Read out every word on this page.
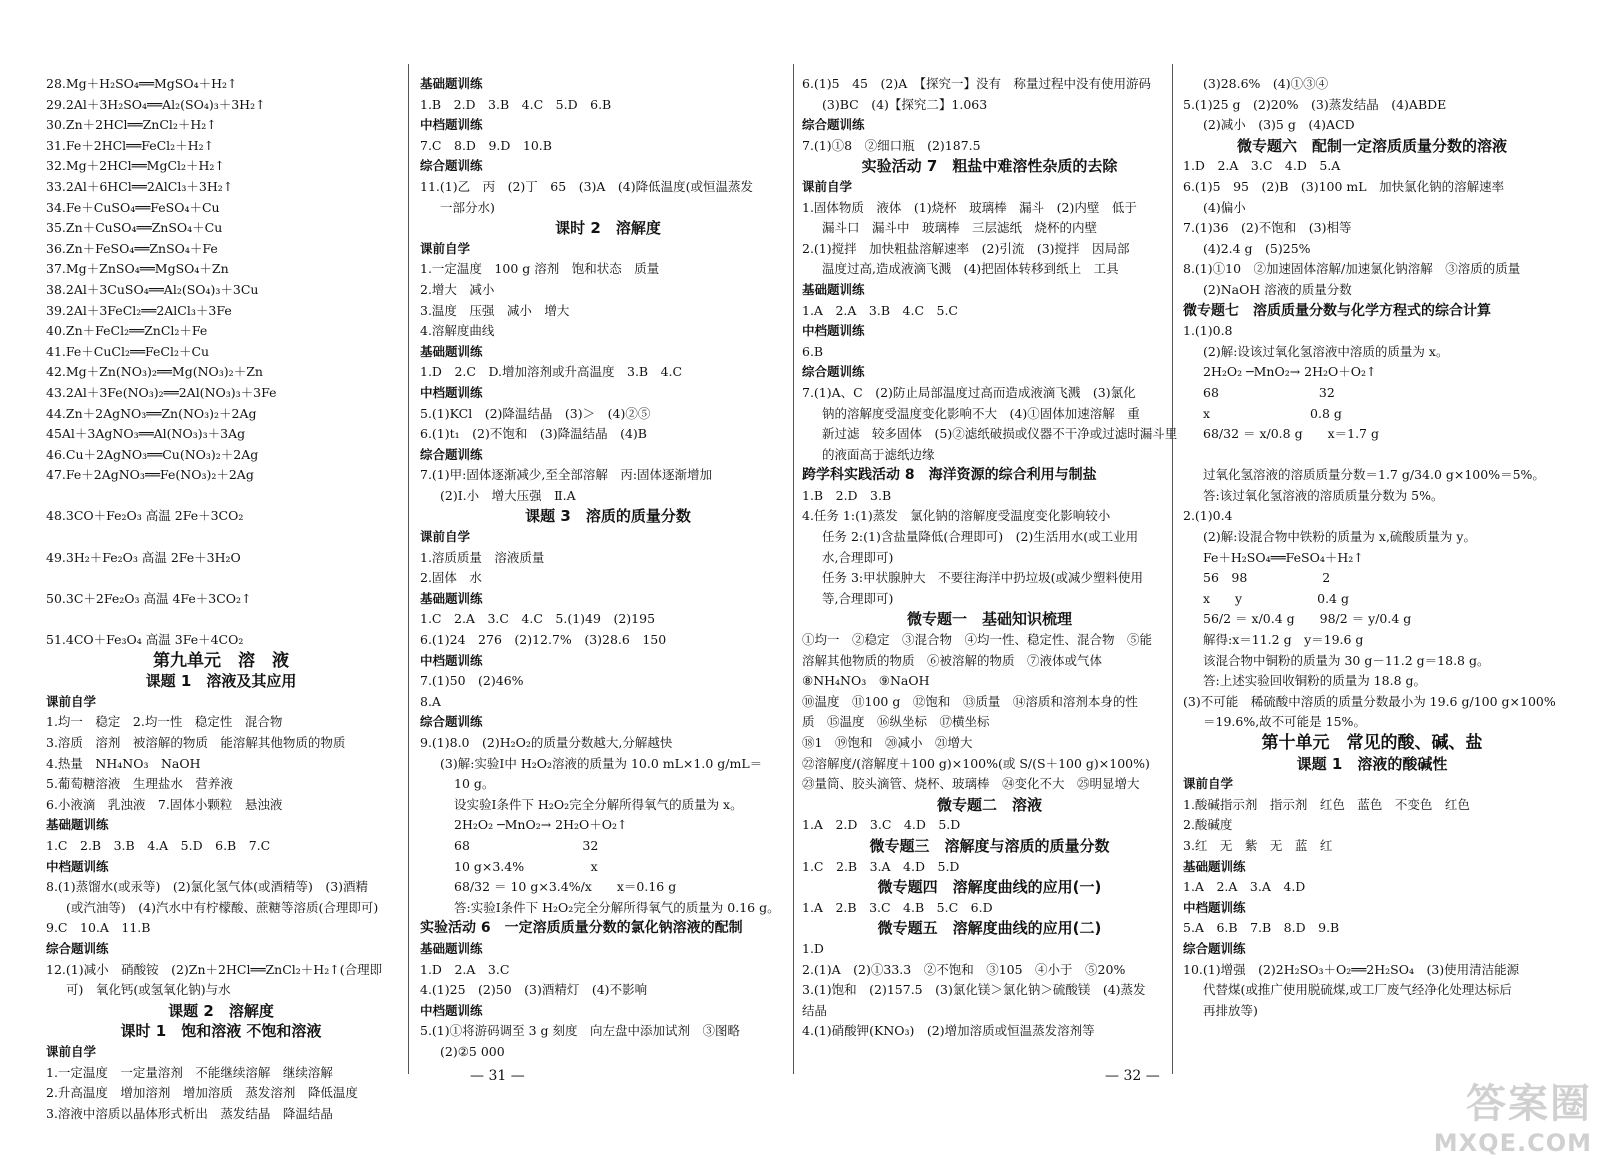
28.Mg＋H₂SO₄══MgSO₄＋H₂↑
29.2Al＋3H₂SO₄══Al₂(SO₄)₃＋3H₂↑
30.Zn＋2HCl══ZnCl₂＋H₂↑
31.Fe＋2HCl══FeCl₂＋H₂↑
32.Mg＋2HCl══MgCl₂＋H₂↑
33.2Al＋6HCl══2AlCl₃＋3H₂↑
34.Fe＋CuSO₄══FeSO₄＋Cu
35.Zn＋CuSO₄══ZnSO₄＋Cu
36.Zn＋FeSO₄══ZnSO₄＋Fe
37.Mg＋ZnSO₄══MgSO₄＋Zn
38.2Al＋3CuSO₄══Al₂(SO₄)₃＋3Cu
39.2Al＋3FeCl₂══2AlCl₃＋3Fe
40.Zn＋FeCl₂══ZnCl₂＋Fe
41.Fe＋CuCl₂══FeCl₂＋Cu
42.Mg＋Zn(NO₃)₂══Mg(NO₃)₂＋Zn
43.2Al＋3Fe(NO₃)₂══2Al(NO₃)₃＋3Fe
44.Zn＋2AgNO₃══Zn(NO₃)₂＋2Ag
45Al＋3AgNO₃══Al(NO₃)₃＋3Ag
46.Cu＋2AgNO₃══Cu(NO₃)₂＋2Ag
47.Fe＋2AgNO₃══Fe(NO₃)₂＋2Ag
48.3CO＋Fe₂O₃ 高温 2Fe＋3CO₂
49.3H₂＋Fe₂O₃ 高温 2Fe＋3H₂O
50.3C＋2Fe₂O₃ 高温 4Fe＋3CO₂↑
51.4CO＋Fe₃O₄ 高温 3Fe＋4CO₂
第九单元　溶　液
课题 1　溶液及其应用
课前自学
1.均一　稳定　2.均一性　稳定性　混合物
3.溶质　溶剂　被溶解的物质　能溶解其他物质的物质
4.热量　NH₄NO₃　NaOH
5.葡萄糖溶液　生理盐水　营养液
6.小液滴　乳浊液　7.固体小颗粒　悬浊液
基础题训练
1.C　2.B　3.B　4.A　5.D　6.B　7.C
中档题训练
8.(1)蒸馏水(或汞等)　(2)氯化氢气体(或酒精等)　(3)酒精
(或汽油等)　(4)汽水中有柠檬酸、蔗糖等溶质(合理即可)
9.C　10.A　11.B
综合题训练
12.(1)减小　硝酸铵　(2)Zn＋2HCl══ZnCl₂＋H₂↑(合理即
可)　氧化钙(或氢氧化钠)与水
课题 2　溶解度
课时 1　饱和溶液 不饱和溶液
课前自学
1.一定温度　一定量溶剂　不能继续溶解　继续溶解
2.升高温度　增加溶剂　增加溶质　蒸发溶剂　降低温度
3.溶液中溶质以晶体形式析出　蒸发结晶　降温结晶
基础题训练
1.B　2.D　3.B　4.C　5.D　6.B
中档题训练
7.C　8.D　9.D　10.B
综合题训练
11.(1)乙　丙　(2)丁　65　(3)A　(4)降低温度(或恒温蒸发
一部分水)
课时 2　溶解度
课前自学
1.一定温度　100 g 溶剂　饱和状态　质量
2.增大　减小
3.温度　压强　减小　增大
4.溶解度曲线
基础题训练
1.D　2.C　D.增加溶剂或升高温度　3.B　4.C
中档题训练
5.(1)KCl　(2)降温结晶　(3)＞　(4)②⑤
6.(1)t₁　(2)不饱和　(3)降温结晶　(4)B
综合题训练
7.(1)甲:固体逐渐减少,至全部溶解　丙:固体逐渐增加
(2)Ⅰ.小　增大压强　Ⅱ.A
课题 3　溶质的质量分数
课前自学
1.溶质质量　溶液质量
2.固体　水
基础题训练
1.C　2.A　3.C　4.C　5.(1)49　(2)195
6.(1)24　276　(2)12.7%　(3)28.6　150
中档题训练
7.(1)50　(2)46%
8.A
综合题训练
9.(1)8.0　(2)H₂O₂的质量分数越大,分解越快
(3)解:实验Ⅰ中 H₂O₂溶液的质量为 10.0 mL×1.0 g/mL＝
10 g。
设实验Ⅰ条件下 H₂O₂完全分解所得氧气的质量为 x。
2H₂O₂ ─MnO₂→ 2H₂O＋O₂↑
68　　　　　　　　　32
10 g×3.4%　　　　　 x
68/32 ＝ 10 g×3.4%/x　　x＝0.16 g
答:实验Ⅰ条件下 H₂O₂完全分解所得氧气的质量为 0.16 g。
实验活动 6　一定溶质质量分数的氯化钠溶液的配制
基础题训练
1.D　2.A　3.C
4.(1)25　(2)50　(3)酒精灯　(4)不影响
中档题训练
5.(1)①将游码调至 3 g 刻度　向左盘中添加试剂　③图略
(2)②5 000
6.(1)5　45　(2)A　【探究一】没有　称量过程中没有使用游码
(3)BC　(4)【探究二】1.063
综合题训练
7.(1)①8　②细口瓶　(2)187.5
实验活动 7　粗盐中难溶性杂质的去除
课前自学
1.固体物质　液体　(1)烧杯　玻璃棒　漏斗　(2)内壁　低于
漏斗口　漏斗中　玻璃棒　三层滤纸　烧杯的内壁
2.(1)搅拌　加快粗盐溶解速率　(2)引流　(3)搅拌　因局部
温度过高,造成液滴飞溅　(4)把固体转移到纸上　工具
基础题训练
1.A　2.A　3.B　4.C　5.C
中档题训练
6.B
综合题训练
7.(1)A、C　(2)防止局部温度过高而造成液滴飞溅　(3)氯化
钠的溶解度受温度变化影响不大　(4)①固体加速溶解　重
新过滤　较多固体　(5)②滤纸破损或仪器不干净或过滤时漏斗里
的液面高于滤纸边缘
跨学科实践活动 8　海洋资源的综合利用与制盐
1.B　2.D　3.B
4.任务 1:(1)蒸发　氯化钠的溶解度受温度变化影响较小
任务 2:(1)含盐量降低(合理即可)　(2)生活用水(或工业用
水,合理即可)
任务 3:甲状腺肿大　不要往海洋中扔垃圾(或减少塑料使用
等,合理即可)
微专题一　基础知识梳理
①均一　②稳定　③混合物　④均一性、稳定性、混合物　⑤能
溶解其他物质的物质　⑥被溶解的物质　⑦液体或气体
⑧NH₄NO₃　⑨NaOH
⑩温度　⑪100 g　⑫饱和　⑬质量　⑭溶质和溶剂本身的性
质　⑮温度　⑯纵坐标　⑰横坐标
⑱1　⑲饱和　⑳减小　㉑增大
㉒溶解度/(溶解度＋100 g)×100%(或 S/(S＋100 g)×100%)
㉓量筒、胶头滴管、烧杯、玻璃棒　㉔变化不大　㉕明显增大
微专题二　溶液
1.A　2.D　3.C　4.D　5.D
微专题三　溶解度与溶质的质量分数
1.C　2.B　3.A　4.D　5.D
微专题四　溶解度曲线的应用(一)
1.A　2.B　3.C　4.B　5.C　6.D
微专题五　溶解度曲线的应用(二)
1.D
2.(1)A　(2)①33.3　②不饱和　③105　④小于　⑤20%
3.(1)饱和　(2)157.5　(3)氯化镁＞氯化钠＞硫酸镁　(4)蒸发
结晶
4.(1)硝酸钾(KNO₃)　(2)增加溶质或恒温蒸发溶剂等
(3)28.6%　(4)①③④
5.(1)25 g　(2)20%　(3)蒸发结晶　(4)ABDE
(2)减小　(3)5 g　(4)ACD
微专题六　配制一定溶质质量分数的溶液
1.D　2.A　3.C　4.D　5.A
6.(1)5　95　(2)B　(3)100 mL　加快氯化钠的溶解速率
(4)偏小
7.(1)36　(2)不饱和　(3)相等
(4)2.4 g　(5)25%
8.(1)①10　②加速固体溶解/加速氯化钠溶解　③溶质的质量
(2)NaOH 溶液的质量分数
微专题七　溶质质量分数与化学方程式的综合计算
1.(1)0.8
(2)解:设该过氧化氢溶液中溶质的质量为 x。
2H₂O₂ ─MnO₂→ 2H₂O＋O₂↑
68　　　　　　　　32
x　　　　　　　　0.8 g
68/32 ＝ x/0.8 g　　x＝1.7 g
过氧化氢溶液的溶质质量分数＝1.7 g/34.0 g×100%＝5%。
答:该过氧化氢溶液的溶质质量分数为 5%。
2.(1)0.4
(2)解:设混合物中铁粉的质量为 x,硫酸质量为 y。
Fe＋H₂SO₄══FeSO₄＋H₂↑
56　98　　　　　　2
x　　y　　　　　　0.4 g
56/2 ＝ x/0.4 g　　98/2 ＝ y/0.4 g
解得:x＝11.2 g　y＝19.6 g
该混合物中铜粉的质量为 30 g－11.2 g＝18.8 g。
答:上述实验回收铜粉的质量为 18.8 g。
(3)不可能　稀硫酸中溶质的质量分数最小为 19.6 g/100 g×100%
＝19.6%,故不可能是 15%。
第十单元　常见的酸、碱、盐
课题 1　溶液的酸碱性
课前自学
1.酸碱指示剂　指示剂　红色　蓝色　不变色　红色
2.酸碱度
3.红　无　紫　无　蓝　红
基础题训练
1.A　2.A　3.A　4.D
中档题训练
5.A　6.B　7.B　8.D　9.B
综合题训练
10.(1)增强　(2)2H₂SO₃＋O₂══2H₂SO₄　(3)使用清洁能源
代替煤(或推广使用脱硫煤,或工厂废气经净化处理达标后
再排放等)
— 31 —	— 32 —
答案圈
MXQE.COM
